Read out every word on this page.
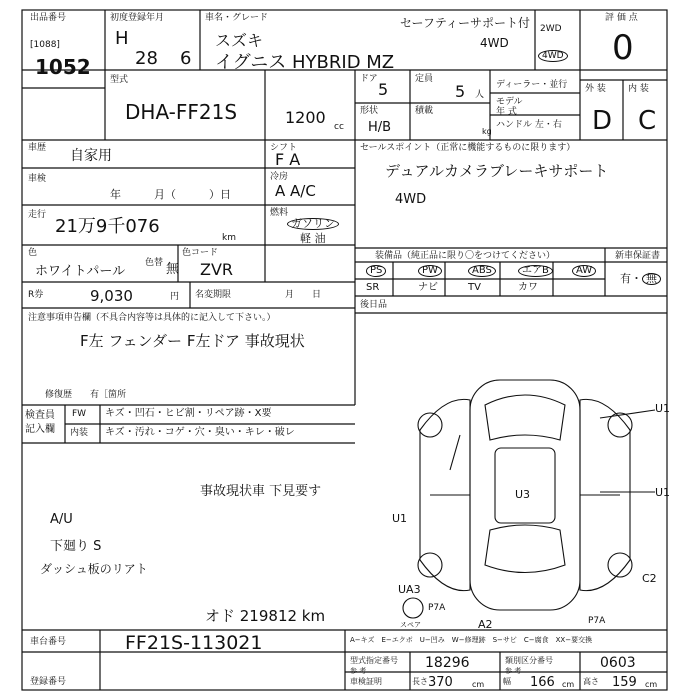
出品番号
[1088]
1052
初度登録年月
H
28 6
車名・グレード
スズキ
イグニス HYBRID MZ
セーフティーサポート付
4WD
2WD
4WD
評 価 点
0
型式
DHA-FF21S	1200 cc
ドア
5
定員
5 人
形状
H/B
積載
kg
ディーラー・並行
モデル
年 式
ハンドル 左・右
外 装 内 装
D C
車歴 自家用	シフト
F A
車検
年　　　月（　　　）日
冷房
A A/C
走行
21万9千076
km
燃料
ガソリン
軽 油
色
ホワイトパール
色替 無
色コード
ZVR
R券	9,030	円 名変期限	月　　日
注意事項申告欄（不具合内容等は具体的に記入して下さい。）
F左 フェンダー F左ドア 事故現状
修復歴　　有［箇所
セールスポイント（正常に機能するものに限ります）
デュアルカメラブレーキサポート
4WD
装備品（純正品に限り〇をつけてください）	新車保証書
有・ 無
PS	PW	ABS	エアB	AW
SR	ナビ	TV	カワ
後日品
検査員
記入欄
FW キズ・凹石・ヒビ割・リペア跡・X要
内装 キズ・汚れ・コゲ・穴・臭い・キレ・破レ
事故現状車 下見要す
A/U
下廻り S
ダッシュ板のリアト
オド 219812 km
U1
U1
U1
U3
UA3
P7A
A2	P7A
C2
スペア
車台番号	FF21S-113021
登録番号
A−キズ　E−エクボ　U−凹み　W−修理跡　S−サビ　C−腐食　XX−要交換
型式指定番号
参 考	18296	類別区分番号
参 考	0603
車検証明	長さ 370 cm 幅 166 cm 高さ 159 cm
